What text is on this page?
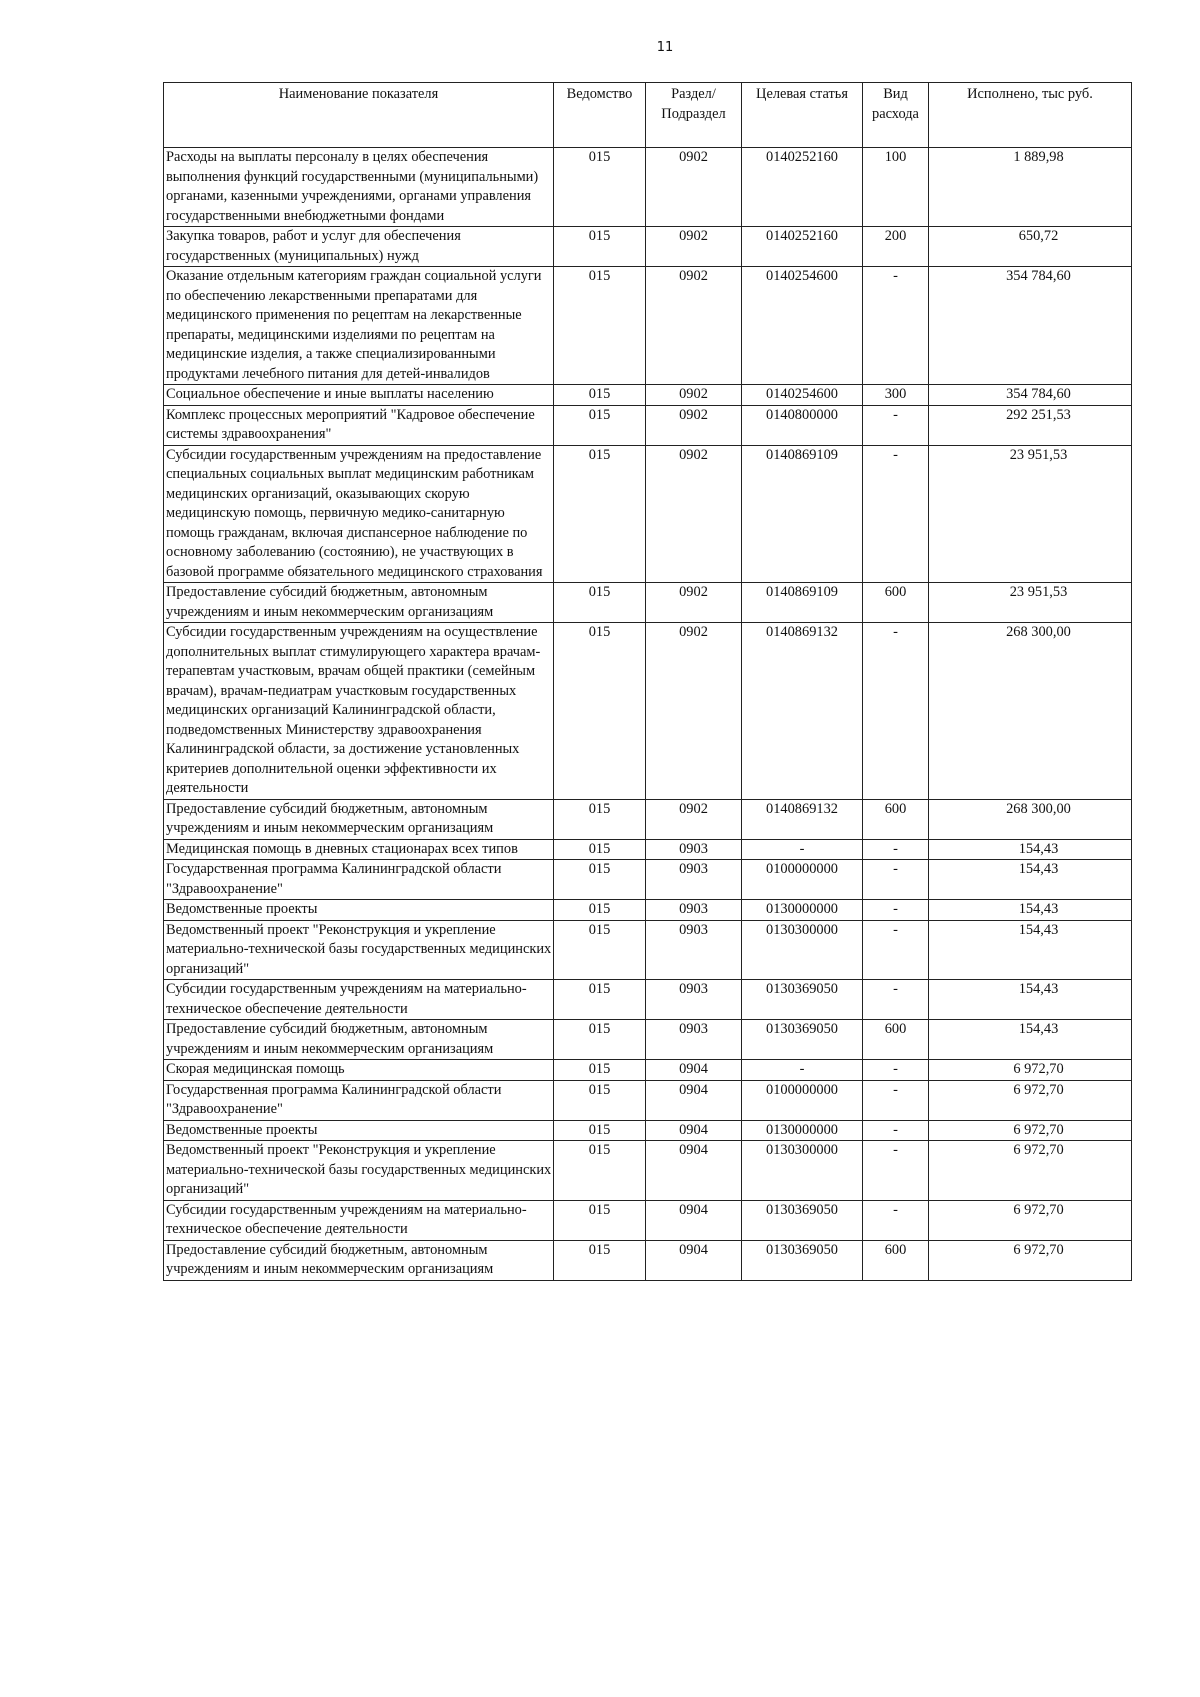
11
Наименование показателя	Ведомство	Раздел/ Подраздел	Целевая статья	Вид расхода	Исполнено, тыс руб.
Расходы на выплаты персоналу в целях обеспечения выполнения функций государственными (муниципальными) органами, казенными учреждениями, органами управления государственными внебюджетными фондами	015	0902	0140252160	100	1 889,98
Закупка товаров, работ и услуг для обеспечения государственных (муниципальных) нужд	015	0902	0140252160	200	650,72
Оказание отдельным категориям граждан социальной услуги по обеспечению лекарственными препаратами для медицинского применения по рецептам на лекарственные препараты, медицинскими изделиями по рецептам на медицинские изделия, а также специализированными продуктами лечебного питания для детей-инвалидов	015	0902	0140254600	-	354 784,60
Социальное обеспечение и иные выплаты населению	015	0902	0140254600	300	354 784,60
Комплекс процессных мероприятий "Кадровое обеспечение системы здравоохранения"	015	0902	0140800000	-	292 251,53
Субсидии государственным учреждениям на предоставление специальных социальных выплат медицинским работникам медицинских организаций, оказывающих скорую медицинскую помощь, первичную медико-санитарную помощь гражданам, включая диспансерное наблюдение по основному заболеванию (состоянию), не участвующих в базовой программе обязательного медицинского страхования	015	0902	0140869109	-	23 951,53
Предоставление субсидий бюджетным, автономным учреждениям и иным некоммерческим организациям	015	0902	0140869109	600	23 951,53
Субсидии государственным учреждениям на осуществление дополнительных выплат стимулирующего характера врачам-терапевтам участковым, врачам общей практики (семейным врачам), врачам-педиатрам участковым государственных медицинских организаций Калининградской области, подведомственных Министерству здравоохранения Калининградской области, за достижение установленных критериев дополнительной оценки эффективности их деятельности	015	0902	0140869132	-	268 300,00
Предоставление субсидий бюджетным, автономным учреждениям и иным некоммерческим организациям	015	0902	0140869132	600	268 300,00
Медицинская помощь в дневных стационарах всех типов	015	0903	-	-	154,43
Государственная программа Калининградской области "Здравоохранение"	015	0903	0100000000	-	154,43
Ведомственные проекты	015	0903	0130000000	-	154,43
Ведомственный проект "Реконструкция и укрепление материально-технической базы государственных медицинских организаций"	015	0903	0130300000	-	154,43
Субсидии государственным учреждениям на материально-техническое обеспечение деятельности	015	0903	0130369050	-	154,43
Предоставление субсидий бюджетным, автономным учреждениям и иным некоммерческим организациям	015	0903	0130369050	600	154,43
Скорая медицинская помощь	015	0904	-	-	6 972,70
Государственная программа Калининградской области "Здравоохранение"	015	0904	0100000000	-	6 972,70
Ведомственные проекты	015	0904	0130000000	-	6 972,70
Ведомственный проект "Реконструкция и укрепление материально-технической базы государственных медицинских организаций"	015	0904	0130300000	-	6 972,70
Субсидии государственным учреждениям на материально-техническое обеспечение деятельности	015	0904	0130369050	-	6 972,70
Предоставление субсидий бюджетным, автономным учреждениям и иным некоммерческим организациям	015	0904	0130369050	600	6 972,70
